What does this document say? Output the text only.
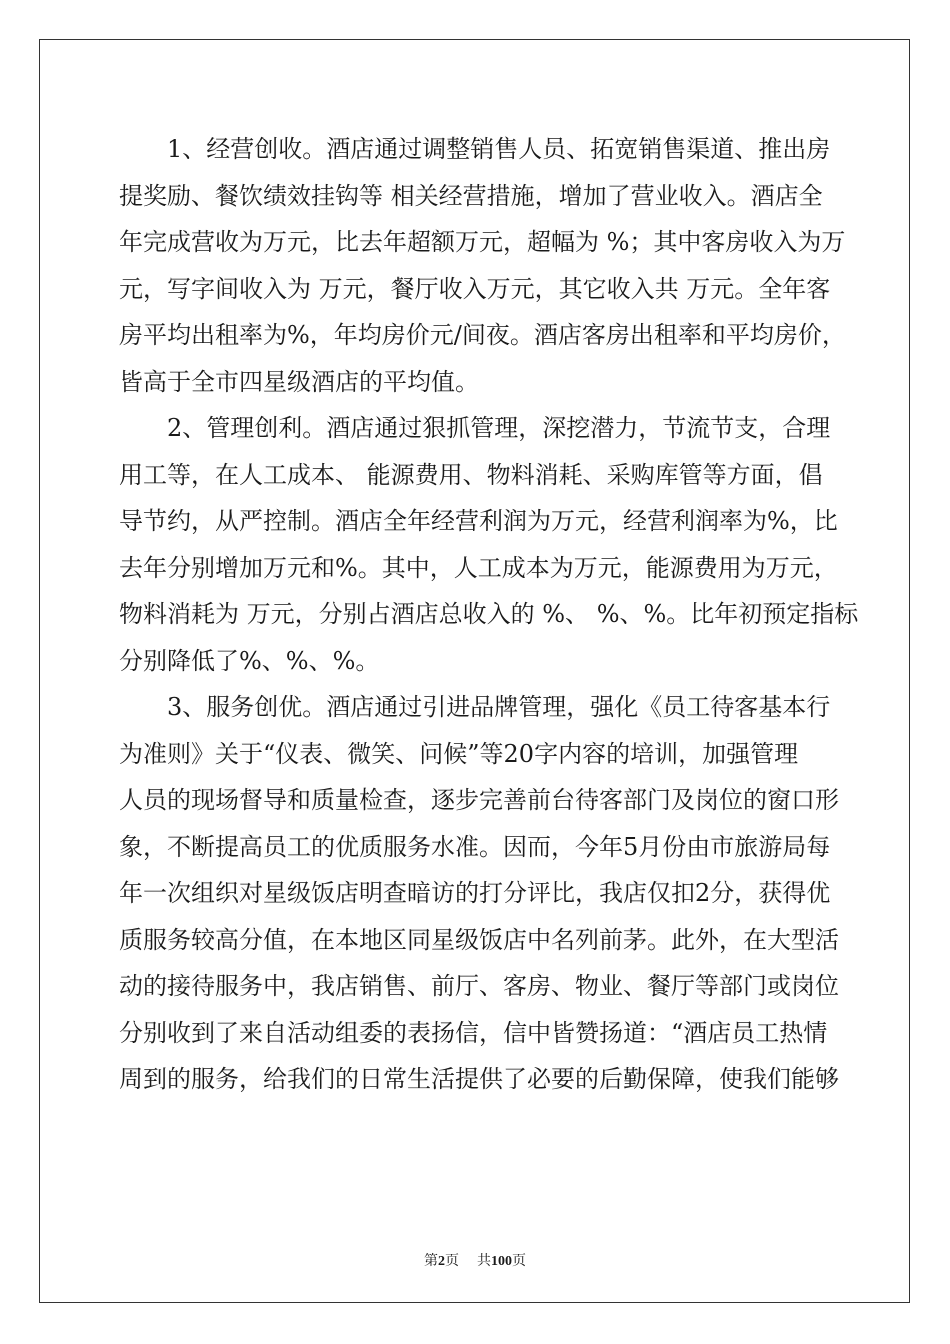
　　1、经营创收。酒店通过调整销售人员、拓宽销售渠道、推出房
提奖励、餐饮绩效挂钩等 相关经营措施，增加了营业收入。酒店全
年完成营收为万元，比去年超额万元，超幅为 %；其中客房收入为万
元，写字间收入为 万元，餐厅收入万元，其它收入共 万元。全年客
房平均出租率为%，年均房价元/间夜。酒店客房出租率和平均房价，
皆高于全市四星级酒店的平均值。
　　2、管理创利。酒店通过狠抓管理，深挖潜力，节流节支，合理
用工等，在人工成本、 能源费用、物料消耗、采购库管等方面，倡
导节约，从严控制。酒店全年经营利润为万元，经营利润率为%，比
去年分别增加万元和%。其中，人工成本为万元，能源费用为万元，
物料消耗为 万元，分别占酒店总收入的 %、 %、%。比年初预定指标
分别降低了%、%、%。
　　3、服务创优。酒店通过引进品牌管理，强化《员工待客基本行
为准则》关于“仪表、微笑、问候”等20字内容的培训，加强管理
人员的现场督导和质量检查，逐步完善前台待客部门及岗位的窗口形
象，不断提高员工的优质服务水准。因而，今年5月份由市旅游局每
年一次组织对星级饭店明查暗访的打分评比，我店仅扣2分，获得优
质服务较高分值，在本地区同星级饭店中名列前茅。此外，在大型活
动的接待服务中，我店销售、前厅、客房、物业、餐厅等部门或岗位
分别收到了来自活动组委的表扬信，信中皆赞扬道：“酒店员工热情
周到的服务，给我们的日常生活提供了必要的后勤保障，使我们能够
第2页 共100页
